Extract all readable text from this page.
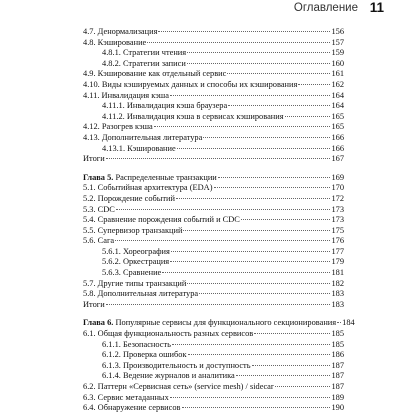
Оглавление 11
4.7. Денормализация	156
4.8. Кэширование	157
4.8.1. Стратегии чтения	159
4.8.2. Стратегии записи	160
4.9. Кэширование как отдельный сервис	161
4.10. Виды кэшируемых данных и способы их кэширования	162
4.11. Инвалидация кэша	164
4.11.1. Инвалидация кэша браузера	164
4.11.2. Инвалидация кэша в сервисах кэширования	165
4.12. Разогрев кэша	165
4.13. Дополнительная литература	166
4.13.1. Кэширование	166
Итоги	167
Глава 5. Распределенные транзакции	169
5.1. Событийная архитектура (EDA)	170
5.2. Порождение событий	172
5.3. CDC	173
5.4. Сравнение порождения событий и CDC	173
5.5. Супервизор транзакций	175
5.6. Сага	176
5.6.1. Хореография	177
5.6.2. Оркестрация	179
5.6.3. Сравнение	181
5.7. Другие типы транзакций	182
5.8. Дополнительная литература	183
Итоги	183
Глава 6. Популярные сервисы для функционального секционирования 184
6.1. Общая функциональность разных сервисов	185
6.1.1. Безопасность	185
6.1.2. Проверка ошибок	186
6.1.3. Производительность и доступность	187
6.1.4. Ведение журналов и аналитика	187
6.2. Паттерн «Сервисная сеть» (service mesh) / sidecar	187
6.3. Сервис метаданных	189
6.4. Обнаружение сервисов	190
